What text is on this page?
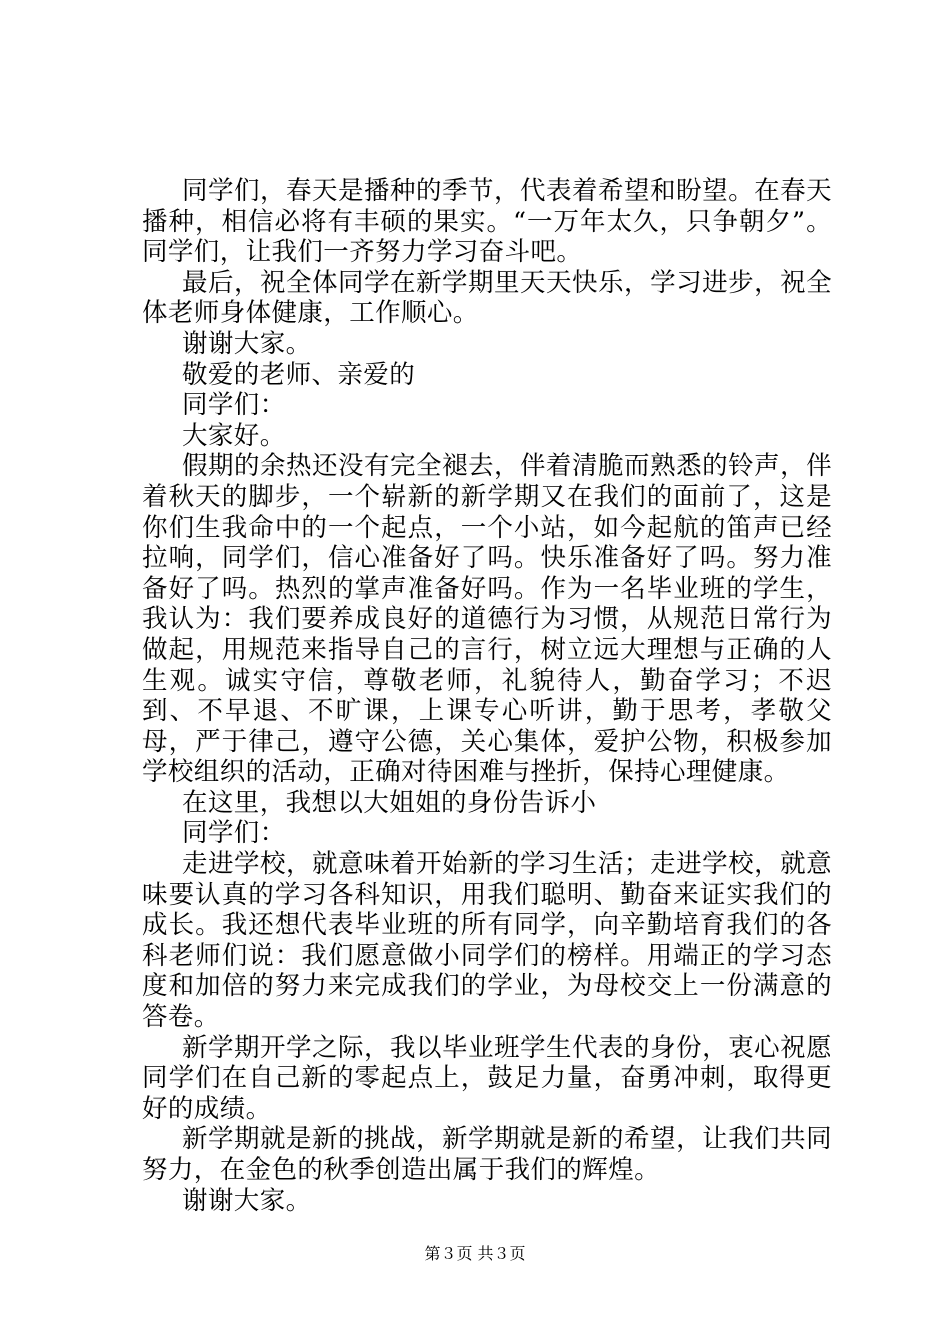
同学们，春天是播种的季节，代表着希望和盼望。在春天播种，相信必将有丰硕的果实。“一万年太久，只争朝夕”。同学们，让我们一齐努力学习奋斗吧。

最后，祝全体同学在新学期里天天快乐，学习进步，祝全体老师身体健康，工作顺心。

谢谢大家。

敬爱的老师、亲爱的

同学们：

大家好。

假期的余热还没有完全褪去，伴着清脆而熟悉的铃声，伴着秋天的脚步，一个崭新的新学期又在我们的面前了，这是你们生我命中的一个起点，一个小站，如今起航的笛声已经拉响，同学们，信心准备好了吗。快乐准备好了吗。努力准备好了吗。热烈的掌声准备好吗。作为一名毕业班的学生，我认为：我们要养成良好的道德行为习惯，从规范日常行为做起，用规范来指导自己的言行，树立远大理想与正确的人生观。诚实守信，尊敬老师，礼貌待人，勤奋学习；不迟到、不早退、不旷课，上课专心听讲，勤于思考，孝敬父母，严于律己，遵守公德，关心集体，爱护公物，积极参加学校组织的活动，正确对待困难与挫折，保持心理健康。

在这里，我想以大姐姐的身份告诉小

同学们：

走进学校，就意味着开始新的学习生活；走进学校，就意味要认真的学习各科知识，用我们聪明、勤奋来证实我们的成长。我还想代表毕业班的所有同学，向辛勤培育我们的各科老师们说：我们愿意做小同学们的榜样。用端正的学习态度和加倍的努力来完成我们的学业，为母校交上一份满意的答卷。

新学期开学之际，我以毕业班学生代表的身份，衷心祝愿同学们在自己新的零起点上，鼓足力量，奋勇冲刺，取得更好的成绩。

新学期就是新的挑战，新学期就是新的希望，让我们共同努力，在金色的秋季创造出属于我们的辉煌。

谢谢大家。

第３页 共３页
